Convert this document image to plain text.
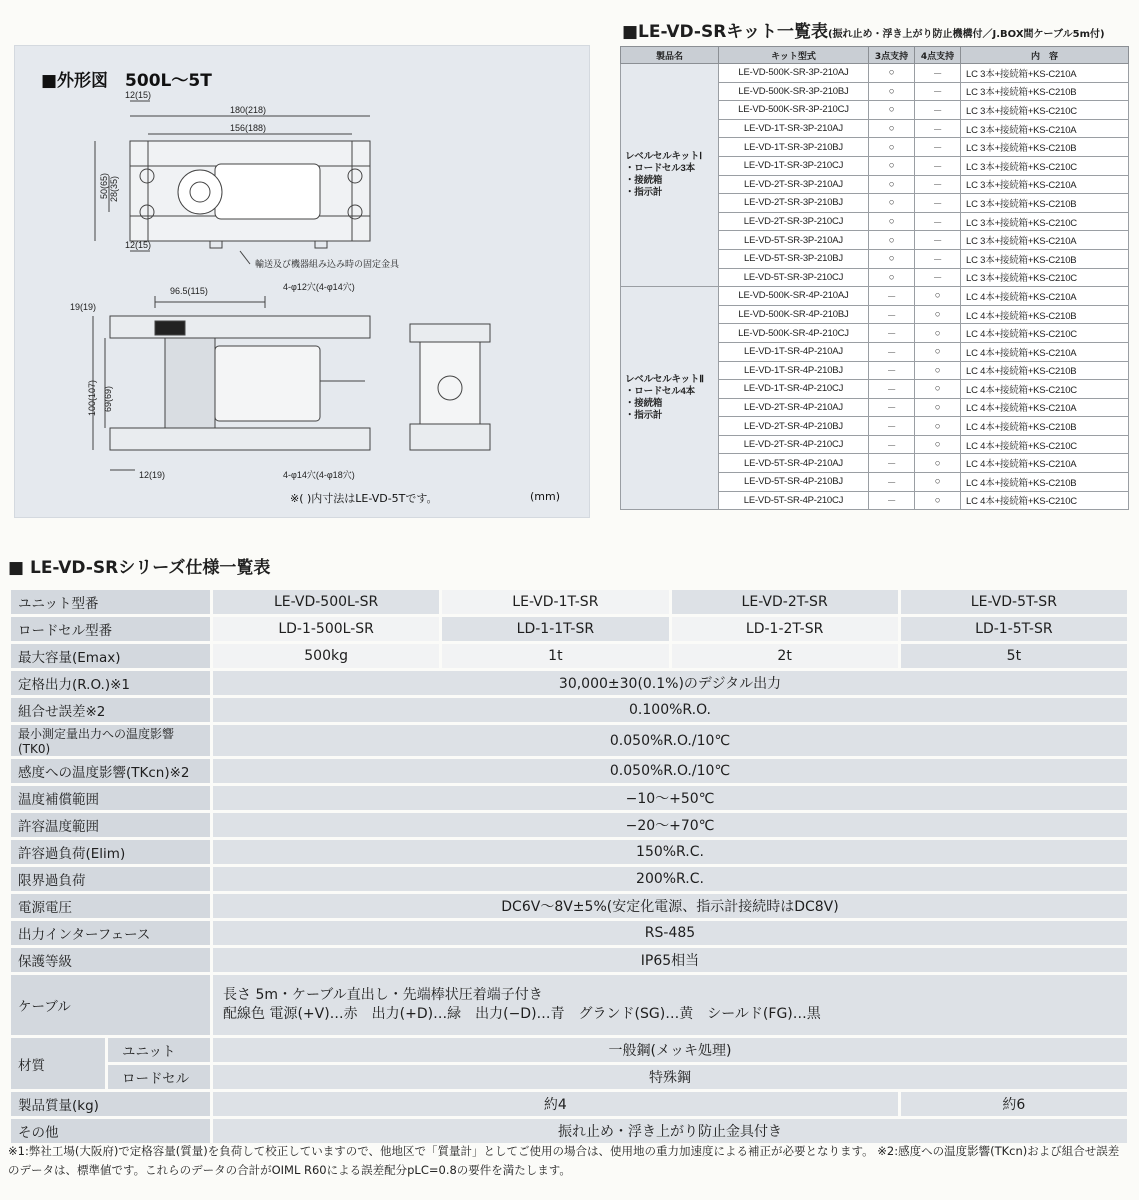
■外形図　500L～5T
12(15)
180(218)
156(188)
50(65) 28(35)
12(15)
輸送及び機器組み込み時の固定金具
96.5(115)	4-φ12穴(4-φ14穴)
19(19)
100(107) 69(69)
12(19)	4-φ14穴(4-φ18穴)
※( )内寸法はLE-VD-5Tです。	(mm)
■LE-VD-SRキット一覧表(振れ止め・浮き上がり防止機構付／J.BOX間ケーブル5m付)
製品名	キット型式	3点支持	4点支持	内　容
レベルセルキットⅠ
・ロードセル3本
・接続箱
・指示計	LE-VD-500K-SR-3P-210AJ	○	－	LC 3本+接続箱+KS-C210A
	LE-VD-500K-SR-3P-210BJ	○	－	LC 3本+接続箱+KS-C210B
	LE-VD-500K-SR-3P-210CJ	○	－	LC 3本+接続箱+KS-C210C
	LE-VD-1T-SR-3P-210AJ	○	－	LC 3本+接続箱+KS-C210A
	LE-VD-1T-SR-3P-210BJ	○	－	LC 3本+接続箱+KS-C210B
	LE-VD-1T-SR-3P-210CJ	○	－	LC 3本+接続箱+KS-C210C
	LE-VD-2T-SR-3P-210AJ	○	－	LC 3本+接続箱+KS-C210A
	LE-VD-2T-SR-3P-210BJ	○	－	LC 3本+接続箱+KS-C210B
	LE-VD-2T-SR-3P-210CJ	○	－	LC 3本+接続箱+KS-C210C
	LE-VD-5T-SR-3P-210AJ	○	－	LC 3本+接続箱+KS-C210A
	LE-VD-5T-SR-3P-210BJ	○	－	LC 3本+接続箱+KS-C210B
	LE-VD-5T-SR-3P-210CJ	○	－	LC 3本+接続箱+KS-C210C
レベルセルキットⅡ
・ロードセル4本
・接続箱
・指示計	LE-VD-500K-SR-4P-210AJ	－	○	LC 4本+接続箱+KS-C210A
	LE-VD-500K-SR-4P-210BJ	－	○	LC 4本+接続箱+KS-C210B
	LE-VD-500K-SR-4P-210CJ	－	○	LC 4本+接続箱+KS-C210C
	LE-VD-1T-SR-4P-210AJ	－	○	LC 4本+接続箱+KS-C210A
	LE-VD-1T-SR-4P-210BJ	－	○	LC 4本+接続箱+KS-C210B
	LE-VD-1T-SR-4P-210CJ	－	○	LC 4本+接続箱+KS-C210C
	LE-VD-2T-SR-4P-210AJ	－	○	LC 4本+接続箱+KS-C210A
	LE-VD-2T-SR-4P-210BJ	－	○	LC 4本+接続箱+KS-C210B
	LE-VD-2T-SR-4P-210CJ	－	○	LC 4本+接続箱+KS-C210C
	LE-VD-5T-SR-4P-210AJ	－	○	LC 4本+接続箱+KS-C210A
	LE-VD-5T-SR-4P-210BJ	－	○	LC 4本+接続箱+KS-C210B
	LE-VD-5T-SR-4P-210CJ	－	○	LC 4本+接続箱+KS-C210C
■ LE-VD-SRシリーズ仕様一覧表
ユニット型番		LE-VD-500L-SR	LE-VD-1T-SR	LE-VD-2T-SR	LE-VD-5T-SR
ロードセル型番		LD-1-500L-SR	LD-1-1T-SR	LD-1-2T-SR	LD-1-5T-SR
最大容量(Emax)		500kg	1t	2t	5t
定格出力(R.O.)※1		30,000±30(0.1%)のデジタル出力			
組合せ誤差※2		0.100%R.O.			
最小測定量出力への温度影響(TK0)		0.050%R.O./10℃			
感度への温度影響(TKcn)※2		0.050%R.O./10℃			
温度補償範囲		−10～+50℃			
許容温度範囲		−20～+70℃			
許容過負荷(Elim)		150%R.C.			
限界過負荷		200%R.C.			
電源電圧		DC6V～8V±5%(安定化電源、指示計接続時はDC8V)			
出力インターフェース		RS-485			
保護等級		IP65相当			
ケーブル		長さ 5m・ケーブル直出し・先端棒状圧着端子付き
配線色 電源(+V)…赤　出力(+D)…緑　出力(−D)…青　グランド(SG)…黄　シールド(FG)…黒			

材質	ユニット	一般鋼(メッキ処理)			
	ロードセル	特殊鋼			
製品質量(kg)		約4			約6
その他		振れ止め・浮き上がり防止金具付き			
※1:弊社工場(大阪府)で定格容量(質量)を負荷して校正していますので、他地区で「質量計」としてご使用の場合は、使用地の重力加速度による補正が必要となります。 ※2:感度への温度影響(TKcn)および組合せ誤差のデータは、標準値です。これらのデータの合計がOIML R60による誤差配分pLC=0.8の要件を満たします。
